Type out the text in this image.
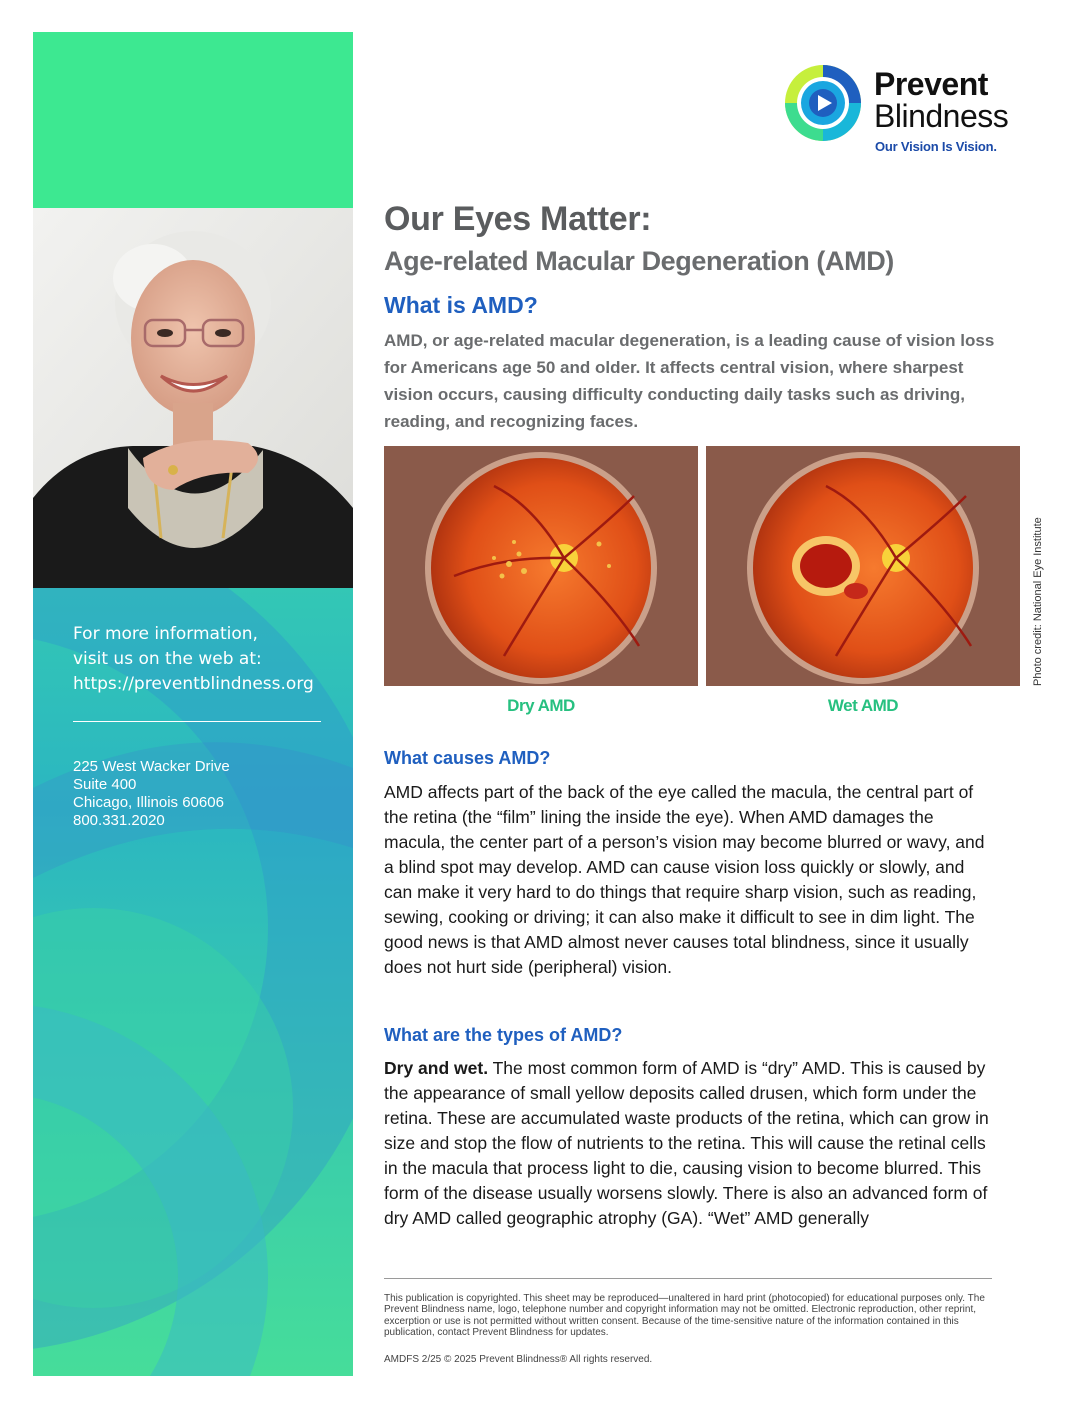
For more information,
visit us on the web at:
https://preventblindness.org

225 West Wacker Drive
Suite 400
Chicago, Illinois 60606
800.331.2020
Prevent
Blindness
Our Vision Is Vision.
Our Eyes Matter:
Age-related Macular Degeneration (AMD)
What is AMD?

AMD, or age-related macular degeneration, is a leading cause of vision loss for Americans age 50 and older. It affects central vision, where sharpest vision occurs, causing difficulty conducting daily tasks such as driving, reading, and recognizing faces.

Dry AMD	Wet AMD
Photo credit: National Eye Institute
What causes AMD?

AMD affects part of the back of the eye called the macula, the central part of the retina (the “film” lining the inside the eye). When AMD damages the macula, the center part of a person’s vision may become blurred or wavy, and a blind spot may develop. AMD can cause vision loss quickly or slowly, and can make it very hard to do things that require sharp vision, such as reading, sewing, cooking or driving; it can also make it difficult to see in dim light. The good news is that AMD almost never causes total blindness, since it usually does not hurt side (peripheral) vision.

What are the types of AMD?

Dry and wet. The most common form of AMD is “dry” AMD. This is caused by the appearance of small yellow deposits called drusen, which form under the retina. These are accumulated waste products of the retina, which can grow in size and stop the flow of nutrients to the retina. This will cause the retinal cells in the macula that process light to die, causing vision to become blurred. This form of the disease usually worsens slowly. There is also an advanced form of dry AMD called geographic atrophy (GA). “Wet” AMD generally

This publication is copyrighted. This sheet may be reproduced—unaltered in hard print (photocopied) for educational purposes only. The Prevent Blindness name, logo, telephone number and copyright information may not be omitted. Electronic reproduction, other reprint, excerption or use is not permitted without written consent. Because of the time-sensitive nature of the information contained in this publication, contact Prevent Blindness for updates.

AMDFS 2/25 © 2025 Prevent Blindness® All rights reserved.
